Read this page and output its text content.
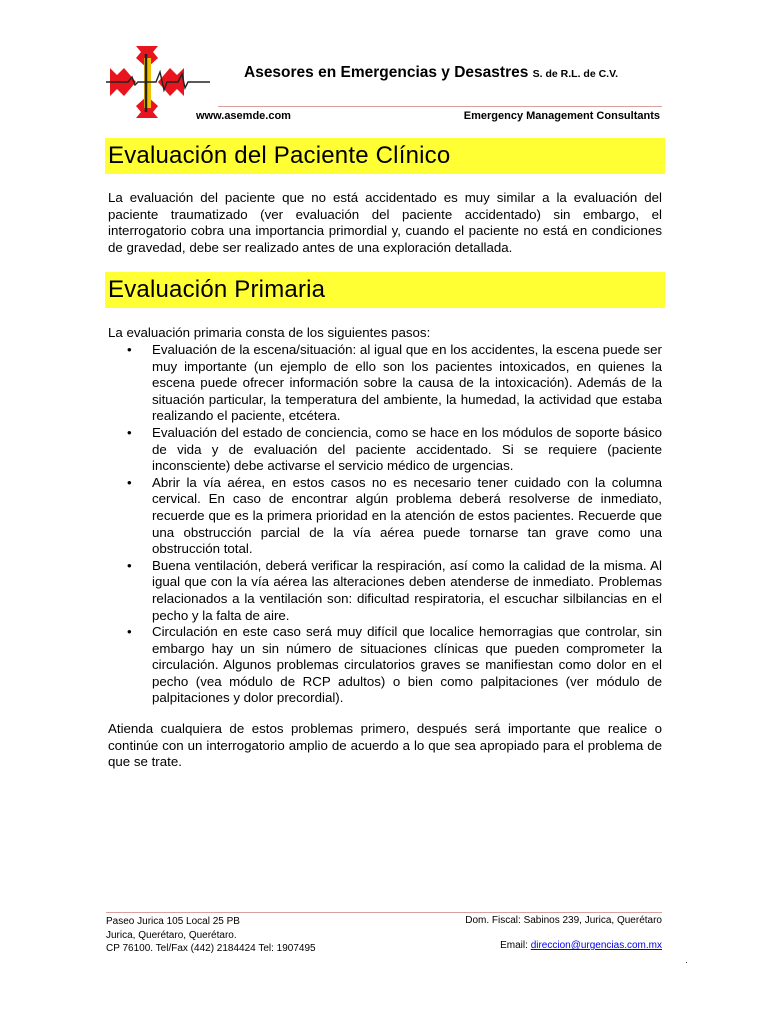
Asesores en Emergencias y Desastres S. de R.L. de C.V.
www.asemde.com	Emergency Management Consultants
Evaluación del Paciente Clínico
La evaluación del paciente que no está accidentado es muy similar a la evaluación del paciente traumatizado (ver evaluación del paciente accidentado) sin embargo, el interrogatorio cobra una importancia primordial y, cuando el paciente no está en condiciones de gravedad, debe ser realizado antes de una exploración detallada.
Evaluación Primaria
La evaluación primaria consta de los siguientes pasos:
• Evaluación de la escena/situación: al igual que en los accidentes, la escena puede ser muy importante (un ejemplo de ello son los pacientes intoxicados, en quienes la escena puede ofrecer información sobre la causa de la intoxicación). Además de la situación particular, la temperatura del ambiente, la humedad, la actividad que estaba realizando el paciente, etcétera.
• Evaluación del estado de conciencia, como se hace en los módulos de soporte básico de vida y de evaluación del paciente accidentado. Si se requiere (paciente inconsciente) debe activarse el servicio médico de urgencias.
• Abrir la vía aérea, en estos casos no es necesario tener cuidado con la columna cervical. En caso de encontrar algún problema deberá resolverse de inmediato, recuerde que es la primera prioridad en la atención de estos pacientes. Recuerde que una obstrucción parcial de la vía aérea puede tornarse tan grave como una obstrucción total.
• Buena ventilación, deberá verificar la respiración, así como la calidad de la misma. Al igual que con la vía aérea las alteraciones deben atenderse de inmediato. Problemas relacionados a la ventilación son: dificultad respiratoria, el escuchar silbilancias en el pecho y la falta de aire.
• Circulación en este caso será muy difícil que localice hemorragias que controlar, sin embargo hay un sin número de situaciones clínicas que pueden comprometer la circulación. Algunos problemas circulatorios graves se manifiestan como dolor en el pecho (vea módulo de RCP adultos) o bien como palpitaciones (ver módulo de palpitaciones y dolor precordial).
Atienda cualquiera de estos problemas primero, después será importante que realice o continúe con un interrogatorio amplio de acuerdo a lo que sea apropiado para el problema de que se trate.
Paseo Jurica 105 Local 25 PB
Jurica, Querétaro, Querétaro.
CP 76100. Tel/Fax (442) 2184424 Tel: 1907495
Dom. Fiscal: Sabinos 239, Jurica, Querétaro
Email: direccion@urgencias.com.mx
